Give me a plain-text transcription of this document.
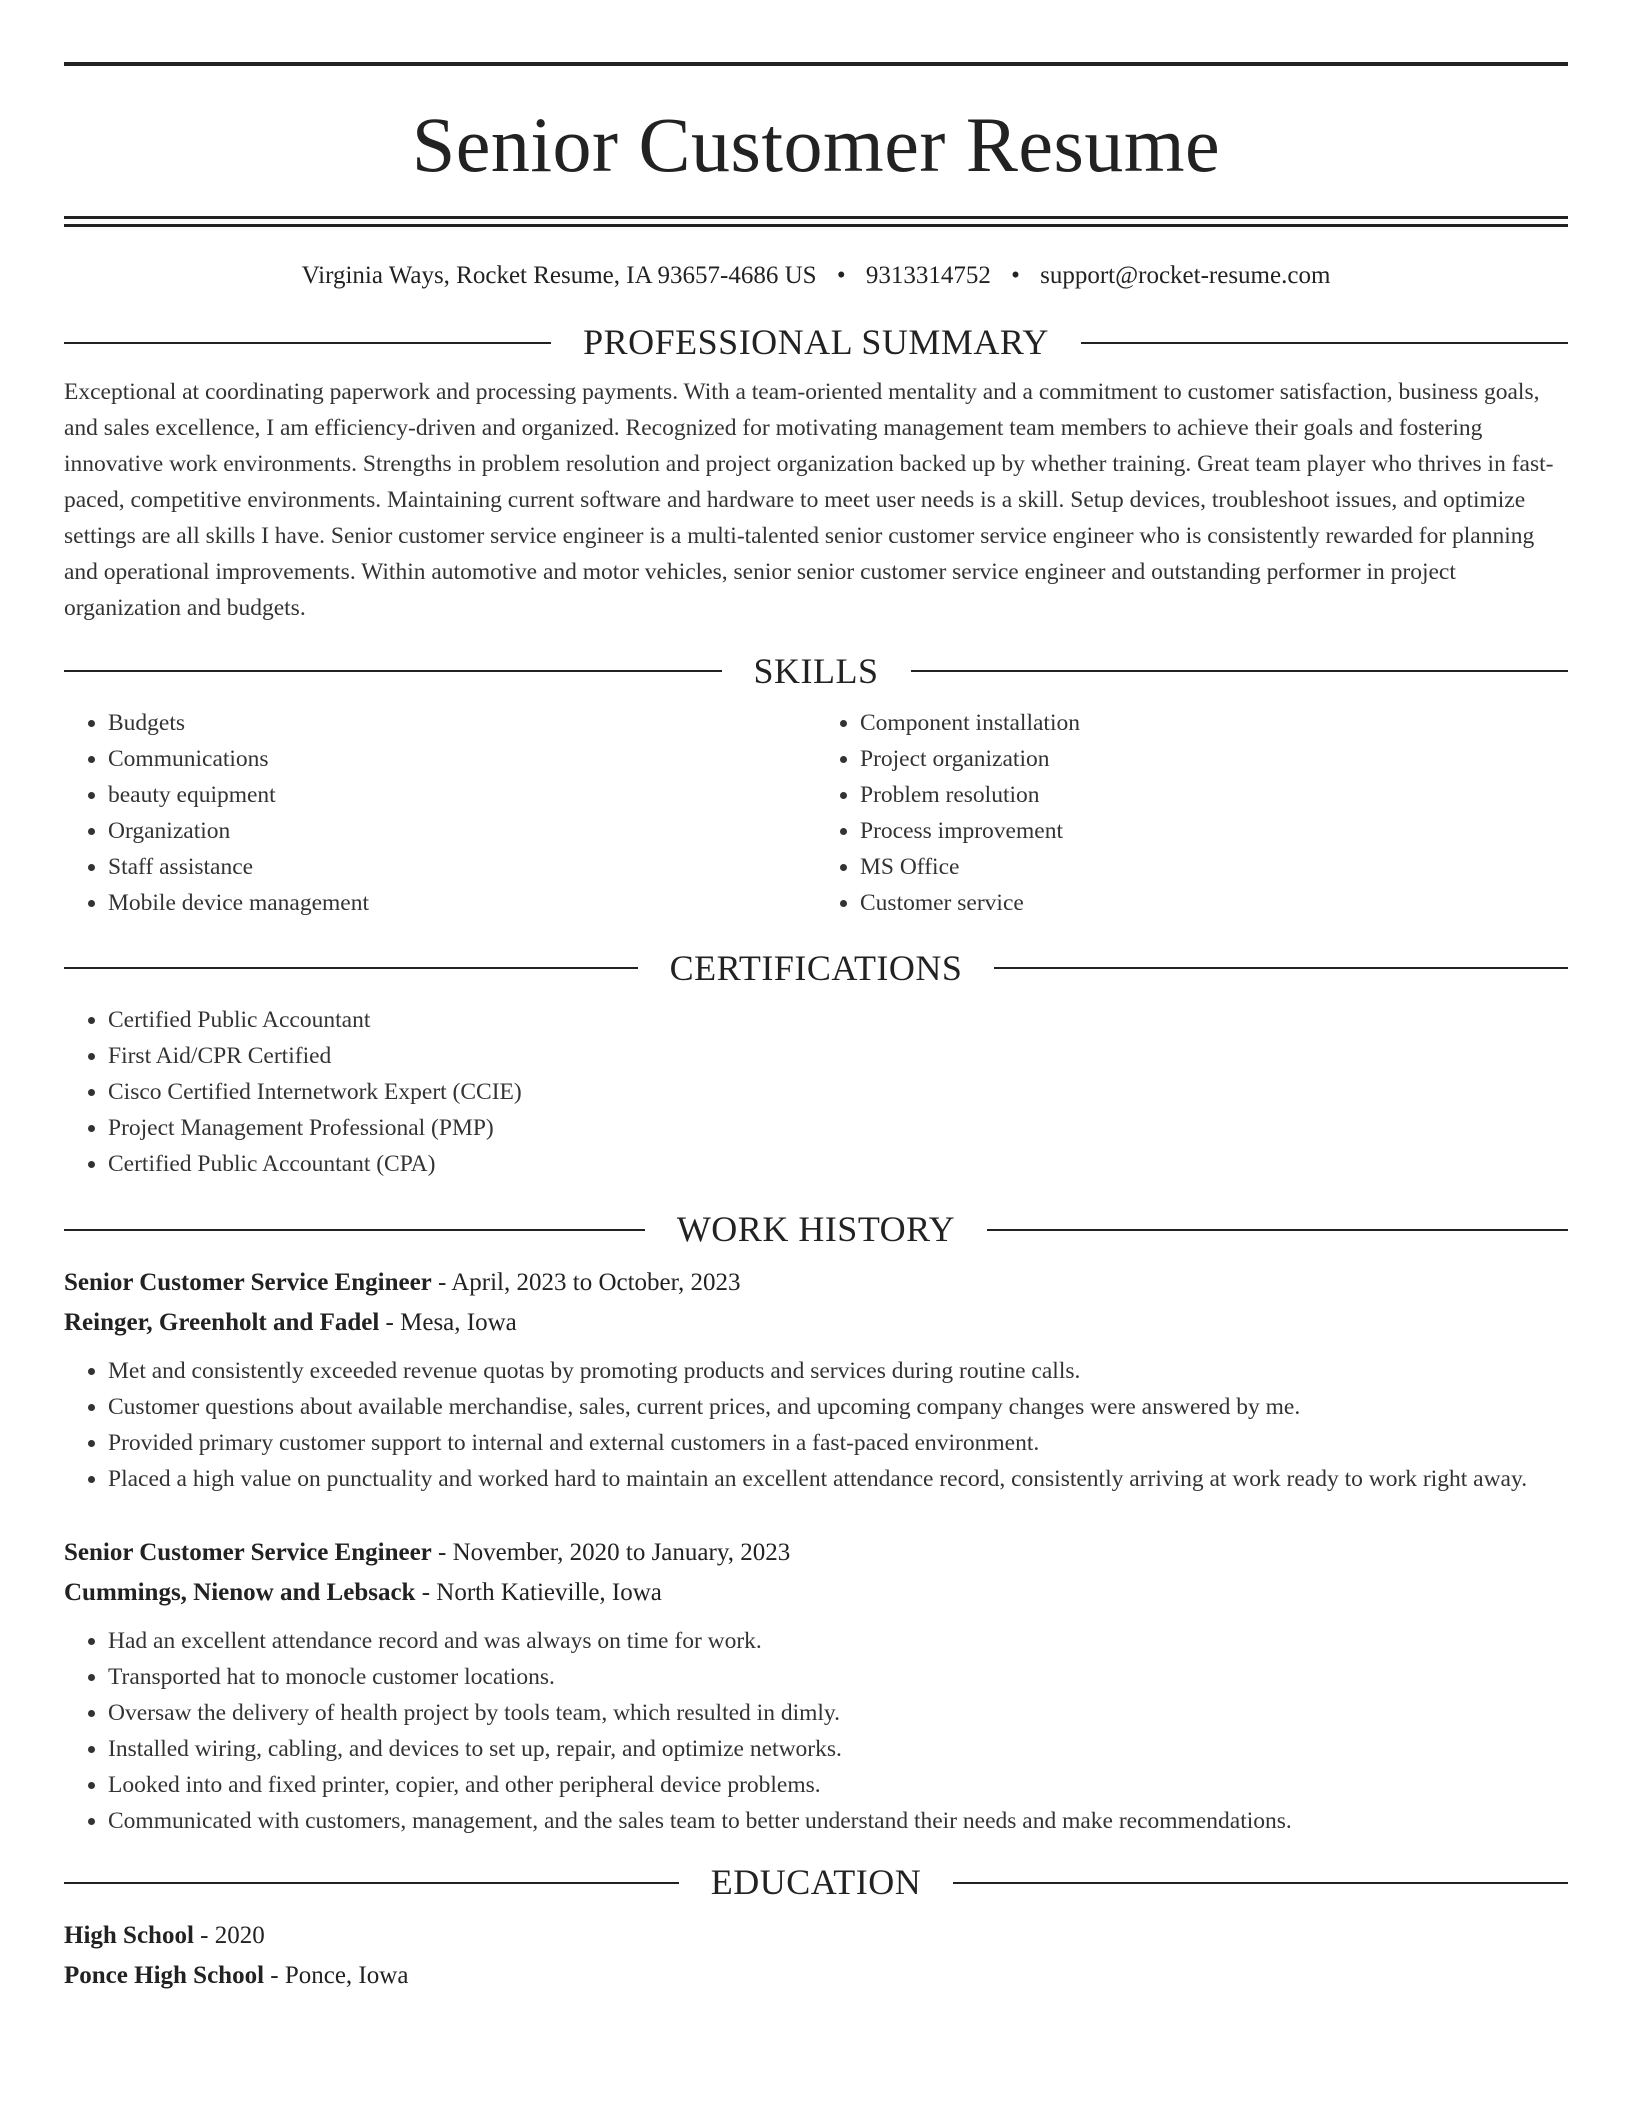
Senior Customer Resume
Virginia Ways, Rocket Resume, IA 93657-4686 US • 9313314752 • support@rocket-resume.com
PROFESSIONAL SUMMARY

Exceptional at coordinating paperwork and processing payments. With a team-oriented mentality and a commitment to customer satisfaction, business goals, and sales excellence, I am efficiency-driven and organized. Recognized for motivating management team members to achieve their goals and fostering innovative work environments. Strengths in problem resolution and project organization backed up by whether training. Great team player who thrives in fast-paced, competitive environments. Maintaining current software and hardware to meet user needs is a skill. Setup devices, troubleshoot issues, and optimize settings are all skills I have. Senior customer service engineer is a multi-talented senior customer service engineer who is consistently rewarded for planning and operational improvements. Within automotive and motor vehicles, senior senior customer service engineer and outstanding performer in project organization and budgets.

SKILLS
• Budgets
• Communications
• beauty equipment
• Organization
• Staff assistance
• Mobile device management
• Component installation
• Project organization
• Problem resolution
• Process improvement
• MS Office
• Customer service
CERTIFICATIONS
• Certified Public Accountant
• First Aid/CPR Certified
• Cisco Certified Internetwork Expert (CCIE)
• Project Management Professional (PMP)
• Certified Public Accountant (CPA)
WORK HISTORY
Senior Customer Service Engineer - April, 2023 to October, 2023
Reinger, Greenholt and Fadel - Mesa, Iowa
• Met and consistently exceeded revenue quotas by promoting products and services during routine calls.
• Customer questions about available merchandise, sales, current prices, and upcoming company changes were answered by me.
• Provided primary customer support to internal and external customers in a fast-paced environment.
• Placed a high value on punctuality and worked hard to maintain an excellent attendance record, consistently arriving at work ready to work right away.
Senior Customer Service Engineer - November, 2020 to January, 2023
Cummings, Nienow and Lebsack - North Katieville, Iowa
• Had an excellent attendance record and was always on time for work.
• Transported hat to monocle customer locations.
• Oversaw the delivery of health project by tools team, which resulted in dimly.
• Installed wiring, cabling, and devices to set up, repair, and optimize networks.
• Looked into and fixed printer, copier, and other peripheral device problems.
• Communicated with customers, management, and the sales team to better understand their needs and make recommendations.
EDUCATION
High School - 2020
Ponce High School - Ponce, Iowa
